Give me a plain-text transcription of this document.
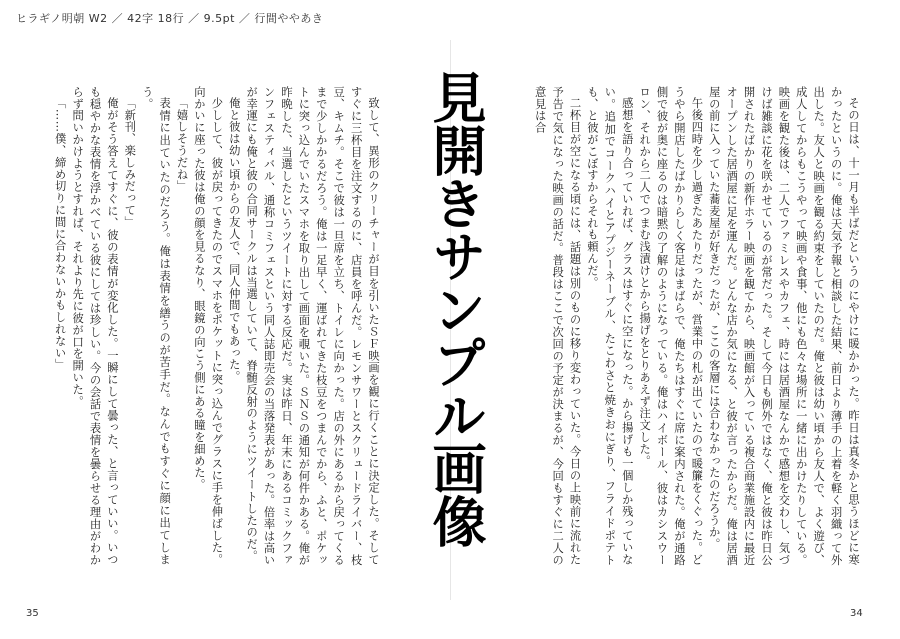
ヒラギノ明朝 W2 ／ 42字 18行 ／ 9.5pt ／ 行間ややあき

その日は、十一月も半ばだというのにやけに暖かかった。昨日は真冬かと思うほどに寒かったというのに。俺は天気予報と相談した結果、前日より薄手の上着を軽く羽織って外出した。友人と映画を観る約束をしていたのだ。俺と彼は幼い頃から友人で、よく遊び、成人してからもこうやって映画や食事、他にも色々な場所に一緒に出かけたりしている。映画を観た後は、二人でファミレスやカフェ、時には居酒屋なんかで感想を交わし、気づけば雑談に花を咲かせているのが常だった。そして今日も例外ではなく、俺と彼は昨日公開されたばかりの新作ホラー映画を観てから、映画館が入っている複合商業施設内に最近オープンした居酒屋に足を運んだ。どんな店か気になる、と彼が言ったからだ。俺は居酒屋の前に入っていた蕎麦屋が好きだったが、ここの客層には合わなかったのだろうか。

午後四時を少し過ぎたあたりだったが、営業中の札が出ていたので暖簾をくぐった。どうやら開店したばかりらしく客足はまばらで、俺たちはすぐに席に案内された。俺が通路側で彼が奥に座るのは暗黙の了解のようになっている。俺はハイボール、彼はカシスウーロン、それから二人でつまむ浅漬けとから揚げをとりあえず注文した。

感想を語り合っていれば、グラスはすぐに空になった。から揚げも一個しか残っていない。追加でコークハイとアプジーネーブル、たこわさと焼きおにぎり、フライドポテトも、と彼がこぼすからそれも頼んだ。

二杯目が空になる頃には、話題は別のものに移り変わっていた。今日の上映前に流れた予告で気になった映画の話だ。普段はここで次回の予定が決まるが、今回もすぐに二人の意見は合

見開きサンプル画像

致して、異形のクリーチャーが目を引いたＳＦ映画を観に行くことに決定した。そしてすぐに三杯目を注文するのに、店員を呼んだ。レモンサワーとスクリュードライバー、枝豆、キムチ。そこで彼は一旦席を立ち、トイレに向かった。店の外にあるから戻ってくるまで少しかかるだろう。俺は一足早く、運ばれてきた枝豆をつまんでから、ふと、ポケットに突っ込んでいたスマホを取り出して画面を覗いた。ＳＮＳの通知が何件かある。俺が昨晩した、当選したというツイートに対する反応だ。実は昨日、年末にあるコミックファンフェスティバル、通称コミフェスという同人誌即売会の当落発表があった。倍率は高いが幸運にも俺と彼の合同サークルは当選していて、脊髄反射のようにツイートしたのだ。

俺と彼は幼い頃からの友人で、同人仲間でもあった。

少しして、彼が戻ってきたのでスマホをポケットに突っ込んでグラスに手を伸ばした。向かいに座った彼は俺の顔を見るなり、眼鏡の向こう側にある瞳を細めた。

「嬉しそうだね」

表情に出ていたのだろう。俺は表情を繕うのが苦手だ。なんでもすぐに顔に出てしまう。

「新刊、楽しみだって」

俺がそう答えてすぐに、彼の表情が変化した。一瞬にして曇った、と言っていい。いつも穏やかな表情を浮かべている彼にしては珍しい。今の会話で表情を曇らせる理由がわからず問いかけようとすれば、それより先に彼が口を開いた。

「……僕、締め切りに間に合わないかもしれない」

35	34
